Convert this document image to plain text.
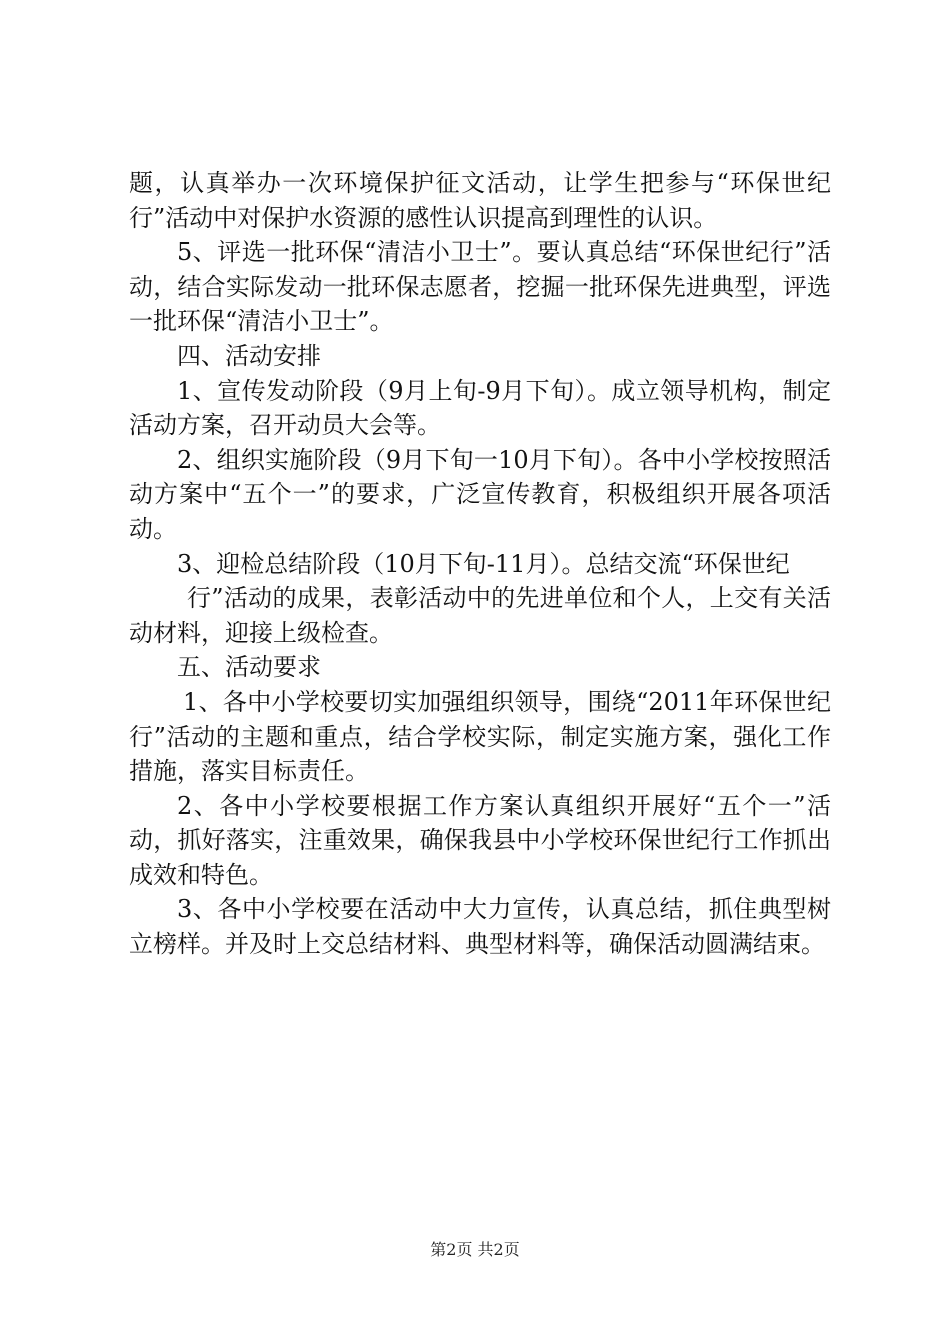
题，认真举办一次环境保护征文活动，让学生把参与“环保世纪行”活动中对保护水资源的感性认识提高到理性的认识。

5、评选一批环保“清洁小卫士”。要认真总结“环保世纪行”活动，结合实际发动一批环保志愿者，挖掘一批环保先进典型，评选一批环保“清洁小卫士”。

四、活动安排

1、宣传发动阶段（9月上旬-9月下旬）。成立领导机构，制定活动方案，召开动员大会等。

2、组织实施阶段（9月下旬一10月下旬）。各中小学校按照活动方案中“五个一”的要求，广泛宣传教育，积极组织开展各项活动。

3、迎检总结阶段（10月下旬-11月）。总结交流“环保世纪

行”活动的成果，表彰活动中的先进单位和个人，上交有关活动材料，迎接上级检查。

五、活动要求

1、各中小学校要切实加强组织领导，围绕“2011年环保世纪行”活动的主题和重点，结合学校实际，制定实施方案，强化工作措施，落实目标责任。

2、各中小学校要根据工作方案认真组织开展好“五个一”活动，抓好落实，注重效果，确保我县中小学校环保世纪行工作抓出成效和特色。

3、各中小学校要在活动中大力宣传，认真总结，抓住典型树立榜样。并及时上交总结材料、典型材料等，确保活动圆满结束。

第2页 共2页
